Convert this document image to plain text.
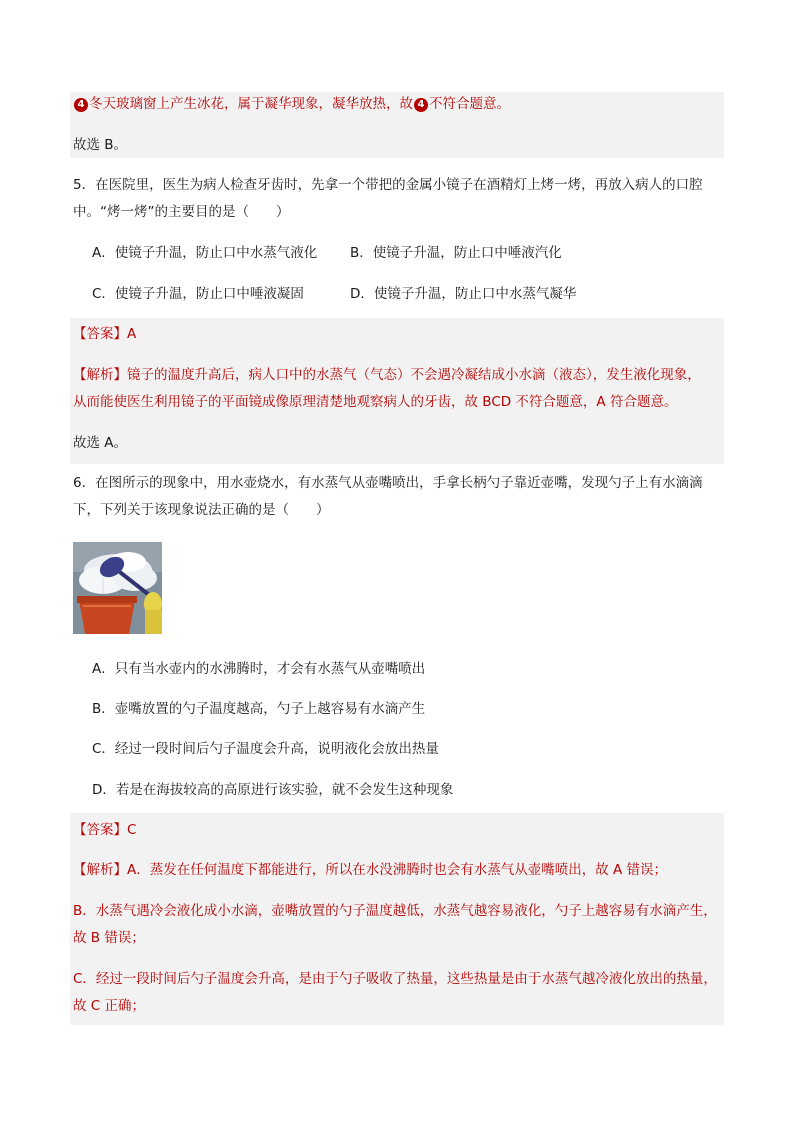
4 冬天玻璃窗上产生冰花，属于凝华现象，凝华放热，故 4 不符合题意。
故选 B。
5．在医院里，医生为病人检查牙齿时，先拿一个带把的金属小镜子在酒精灯上烤一烤，再放入病人的口腔
中。“烤一烤”的主要目的是（　　）
A．使镜子升温，防止口中水蒸气液化 B．使镜子升温，防止口中唾液汽化
C．使镜子升温，防止口中唾液凝固	D．使镜子升温，防止口中水蒸气凝华
【答案】A
【解析】镜子的温度升高后，病人口中的水蒸气（气态）不会遇冷凝结成小水滴（液态），发生液化现象，
从而能使医生利用镜子的平面镜成像原理清楚地观察病人的牙齿，故 BCD 不符合题意，A 符合题意。
故选 A。
6．在图所示的现象中，用水壶烧水，有水蒸气从壶嘴喷出，手拿长柄勺子靠近壶嘴，发现勺子上有水滴滴
下，下列关于该现象说法正确的是（　　）
A．只有当水壶内的水沸腾时，才会有水蒸气从壶嘴喷出
B．壶嘴放置的勺子温度越高，勺子上越容易有水滴产生
C．经过一段时间后勺子温度会升高，说明液化会放出热量
D．若是在海拔较高的高原进行该实验，就不会发生这种现象
【答案】C
【解析】A．蒸发在任何温度下都能进行，所以在水没沸腾时也会有水蒸气从壶嘴喷出，故 A 错误；
B．水蒸气遇冷会液化成小水滴，壶嘴放置的勺子温度越低，水蒸气越容易液化，勺子上越容易有水滴产生，
故 B 错误；
C．经过一段时间后勺子温度会升高，是由于勺子吸收了热量，这些热量是由于水蒸气越冷液化放出的热量，
故 C 正确；
